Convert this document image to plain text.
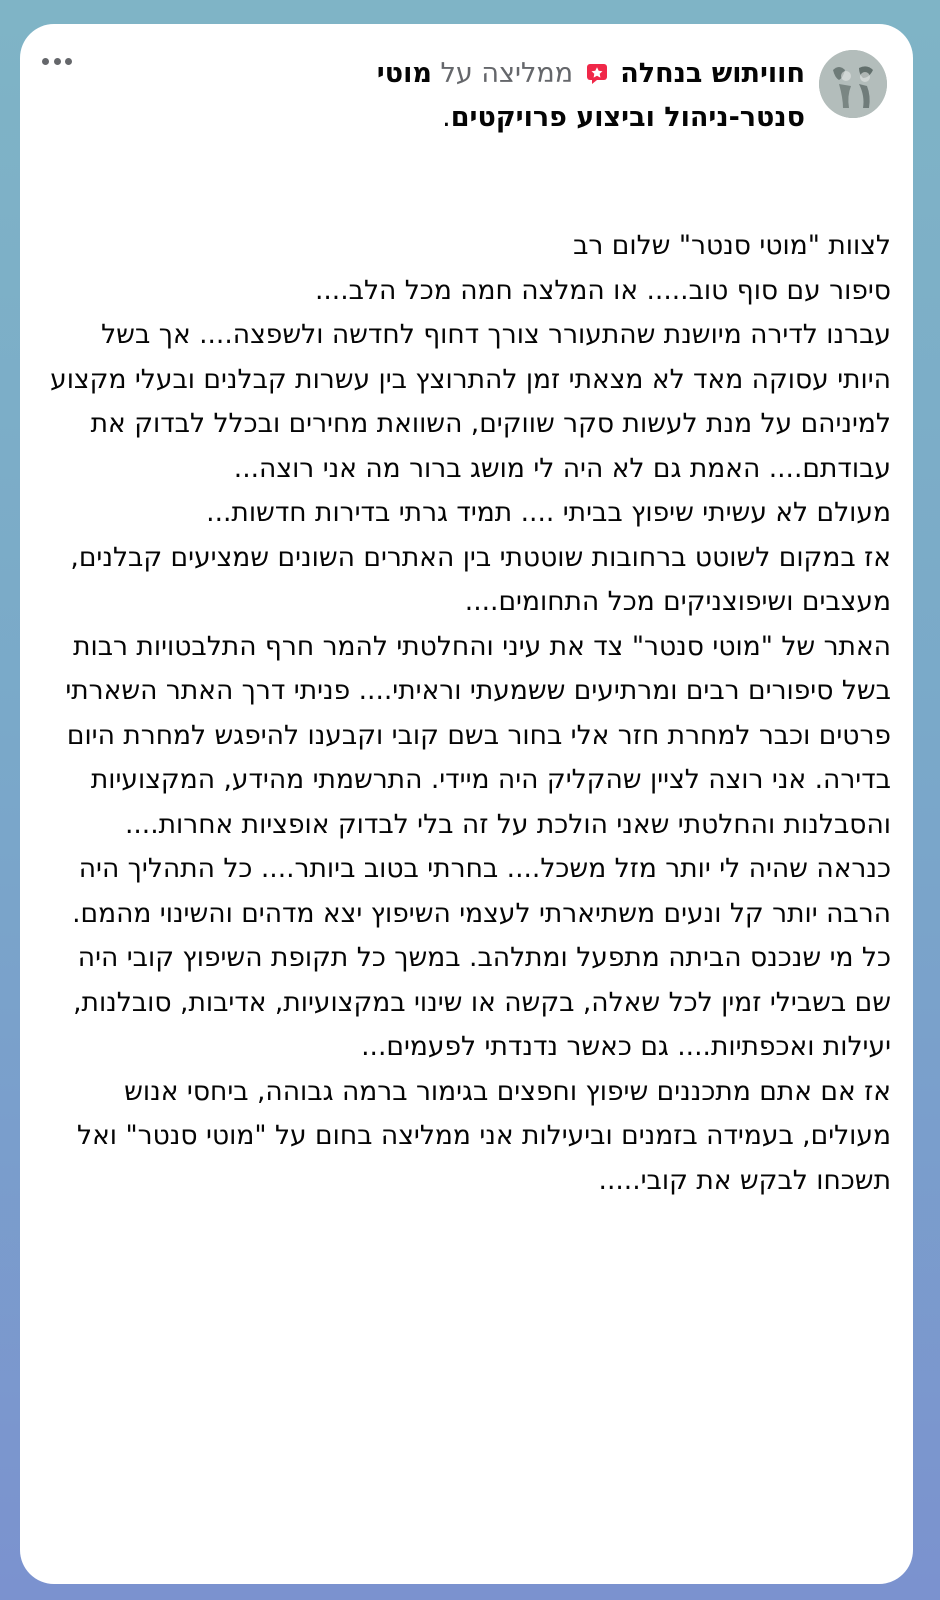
חוויתוש בנחלה
ממליצה על מוטי
סנטר-ניהול וביצוע פרויקטים.
לצוות "מוטי סנטר" שלום רב
סיפור עם סוף טוב..... או המלצה חמה מכל הלב....
עברנו לדירה מיושנת שהתעורר צורך דחוף לחדשה ולשפצה.... אך בשל היותי עסוקה מאד לא מצאתי זמן להתרוצץ בין עשרות קבלנים ובעלי מקצוע למיניהם על מנת לעשות סקר שווקים, השוואת מחירים ובכלל לבדוק את עבודתם.... האמת גם לא היה לי מושג ברור מה אני רוצה...
מעולם לא עשיתי שיפוץ בביתי .... תמיד גרתי בדירות חדשות...
אז במקום לשוטט ברחובות שוטטתי בין האתרים השונים שמציעים קבלנים, מעצבים ושיפוצניקים מכל התחומים....
האתר של "מוטי סנטר" צד את עיני והחלטתי להמר חרף התלבטויות רבות בשל סיפורים רבים ומרתיעים ששמעתי וראיתי.... פניתי דרך האתר השארתי פרטים וכבר למחרת חזר אלי בחור בשם קובי וקבענו להיפגש למחרת היום בדירה. אני רוצה לציין שהקליק היה מיידי. התרשמתי מהידע, המקצועיות והסבלנות והחלטתי שאני הולכת על זה בלי לבדוק אופציות אחרות....
כנראה שהיה לי יותר מזל משכל.... בחרתי בטוב ביותר.... כל התהליך היה הרבה יותר קל ונעים משתיארתי לעצמי השיפוץ יצא מדהים והשינוי מהמם. כל מי שנכנס הביתה מתפעל ומתלהב. במשך כל תקופת השיפוץ קובי היה שם בשבילי זמין לכל שאלה, בקשה או שינוי במקצועיות, אדיבות, סובלנות, יעילות ואכפתיות.... גם כאשר נדנדתי לפעמים...
אז אם אתם מתכננים שיפוץ וחפצים בגימור ברמה גבוהה, ביחסי אנוש מעולים, בעמידה בזמנים וביעילות אני ממליצה בחום על "מוטי סנטר" ואל תשכחו לבקש את קובי.....
